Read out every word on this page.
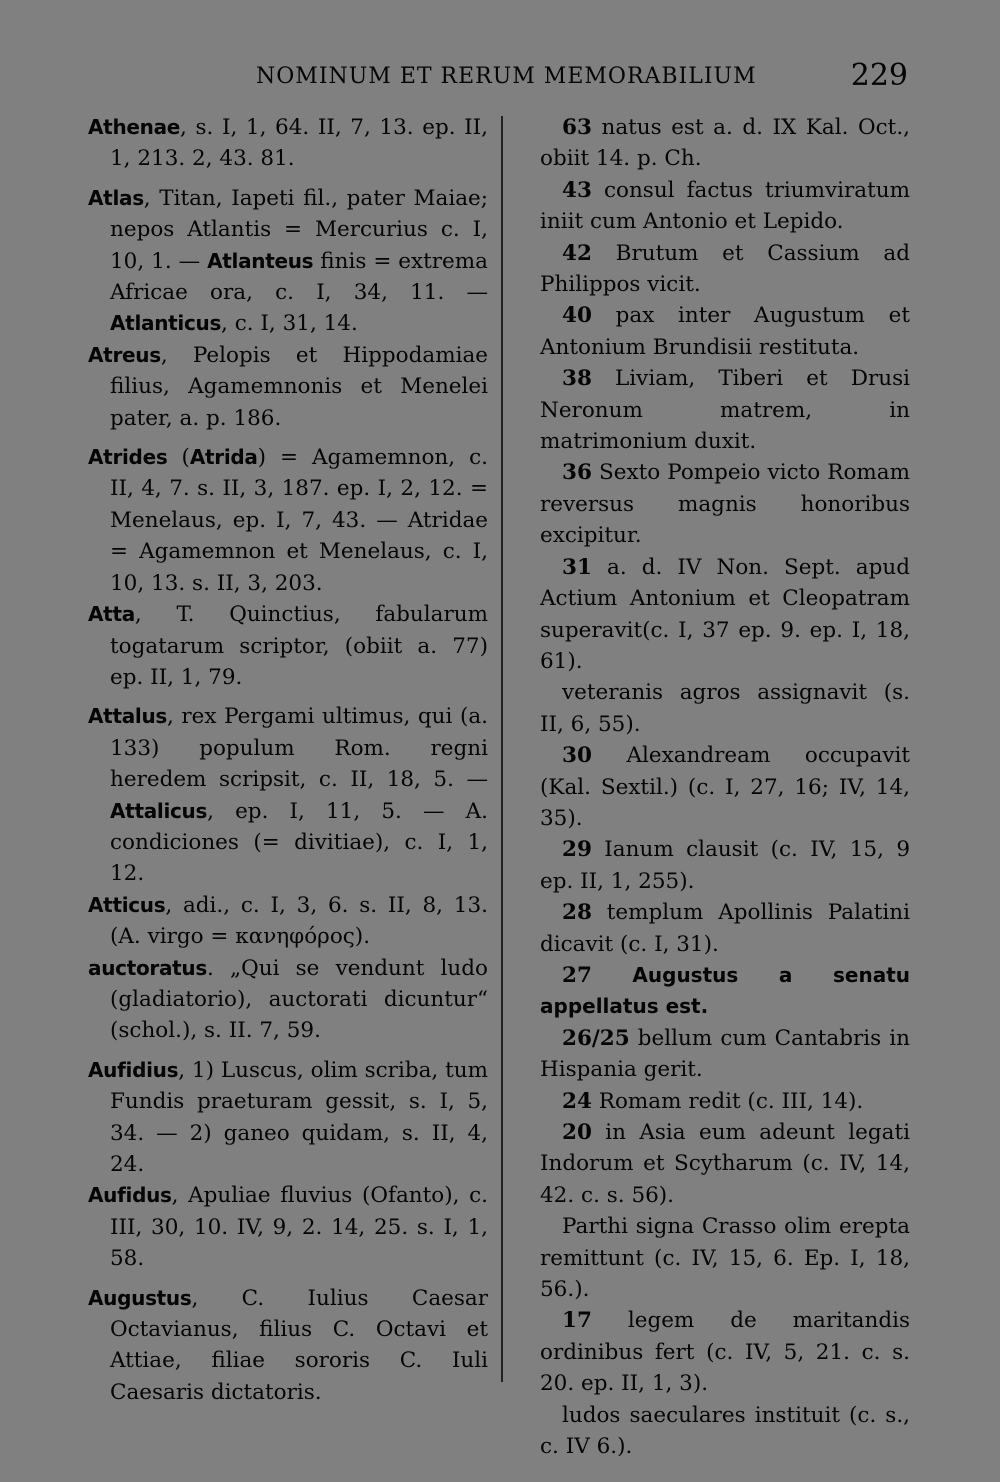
NOMINUM ET RERUM MEMORABILIUM	229

Athenae, s. I, 1, 64. II, 7, 13. ep. II, 1, 213. 2, 43. 81.

Atlas, Titan, Iapeti fil., pater Maiae; nepos Atlantis = Mercurius c. I, 10, 1. — Atlanteus finis = extrema Africae ora, c. I, 34, 11. — Atlanticus, c. I, 31, 14.

Atreus, Pelopis et Hippodamiae filius, Agamemnonis et Menelei pater, a. p. 186.

Atrides (Atrida) = Agamemnon, c. II, 4, 7. s. II, 3, 187. ep. I, 2, 12. = Menelaus, ep. I, 7, 43. — Atridae = Agamemnon et Menelaus, c. I, 10, 13. s. II, 3, 203.

Atta, T. Quinctius, fabularum togatarum scriptor, (obiit a. 77) ep. II, 1, 79.

Attalus, rex Pergami ultimus, qui (a. 133) populum Rom. regni heredem scripsit, c. II, 18, 5. — Attalicus, ep. I, 11, 5. — A. condiciones (= divitiae), c. I, 1, 12.

Atticus, adi., c. I, 3, 6. s. II, 8, 13. (A. virgo = κανηφόρος).

auctoratus. „Qui se vendunt ludo (gladiatorio), auctorati dicuntur“ (schol.), s. II. 7, 59.

Aufidius, 1) Luscus, olim scriba, tum Fundis praeturam gessit, s. I, 5, 34. — 2) ganeo quidam, s. II, 4, 24.

Aufidus, Apuliae fluvius (Ofanto), c. III, 30, 10. IV, 9, 2. 14, 25. s. I, 1, 58.

Augustus, C. Iulius Caesar Octavianus, filius C. Octavi et Attiae, filiae sororis C. Iuli Caesaris dictatoris.

63 natus est a. d. IX Kal. Oct., obiit 14. p. Ch.

43 consul factus triumviratum iniit cum Antonio et Lepido.

42 Brutum et Cassium ad Philippos vicit.

40 pax inter Augustum et Antonium Brundisii restituta.

38 Liviam, Tiberi et Drusi Neronum matrem, in matrimonium duxit.

36 Sexto Pompeio victo Romam reversus magnis honoribus excipitur.

31 a. d. IV Non. Sept. apud Actium Antonium et Cleopatram superavit(c. I, 37 ep. 9. ep. I, 18, 61).

veteranis agros assignavit (s. II, 6, 55).

30 Alexandream occupavit (Kal. Sextil.) (c. I, 27, 16; IV, 14, 35).

29 Ianum clausit (c. IV, 15, 9 ep. II, 1, 255).

28 templum Apollinis Palatini dicavit (c. I, 31).

27 Augustus a senatu appellatus est.

26/25 bellum cum Cantabris in Hispania gerit.

24 Romam redit (c. III, 14).

20 in Asia eum adeunt legati Indorum et Scytharum (c. IV, 14, 42. c. s. 56).

Parthi signa Crasso olim erepta remittunt (c. IV, 15, 6. Ep. I, 18, 56.).

17 legem de maritandis ordinibus fert (c. IV, 5, 21. c. s. 20. ep. II, 1, 3).

ludos saeculares instituit (c. s., c. IV 6.).
